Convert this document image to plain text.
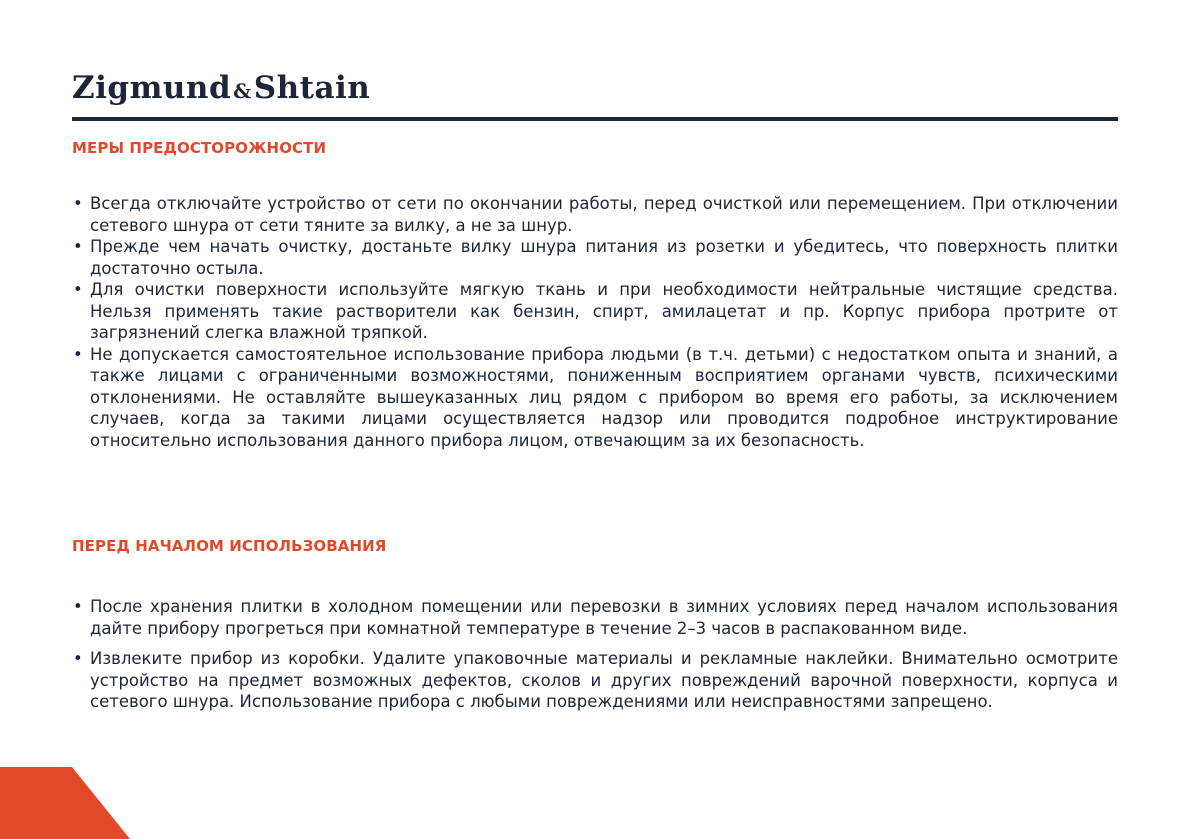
Zigmund & Shtain
МЕРЫ ПРЕДОСТОРОЖНОСТИ
• Всегда отключайте устройство от сети по окончании работы, перед очисткой или перемещением. При отключении сетевого шнура от сети тяните за вилку, а не за шнур.
• Прежде чем начать очистку, достаньте вилку шнура питания из розетки и убедитесь, что поверхность плитки достаточно остыла.
• Для очистки поверхности используйте мягкую ткань и при необходимости нейтральные чистящие средства. Нельзя применять такие растворители как бензин, спирт, амилацетат и пр. Корпус прибора протрите от загрязнений слегка влажной тряпкой.
• Не допускается самостоятельное использование прибора людьми (в т.ч. детьми) с недостатком опыта и знаний, а также лицами с ограниченными возможностями, пониженным восприятием органами чувств, психическими отклонениями. Не оставляйте вышеуказанных лиц рядом с прибором во время его работы, за исключением случаев, когда за такими лицами осуществляется надзор или проводится подробное инструктирование относительно использования данного прибора лицом, отвечающим за их безопасность.
ПЕРЕД НАЧАЛОМ ИСПОЛЬЗОВАНИЯ
• После хранения плитки в холодном помещении или перевозки в зимних условиях перед началом использования дайте прибору прогреться при комнатной температуре в течение 2–3 часов в распакованном виде.
• Извлеките прибор из коробки. Удалите упаковочные материалы и рекламные наклейки. Внимательно осмотрите устройство на предмет возможных дефектов, сколов и других повреждений варочной поверхности, корпуса и сетевого шнура. Использование прибора с любыми повреждениями или неисправностями запрещено.
